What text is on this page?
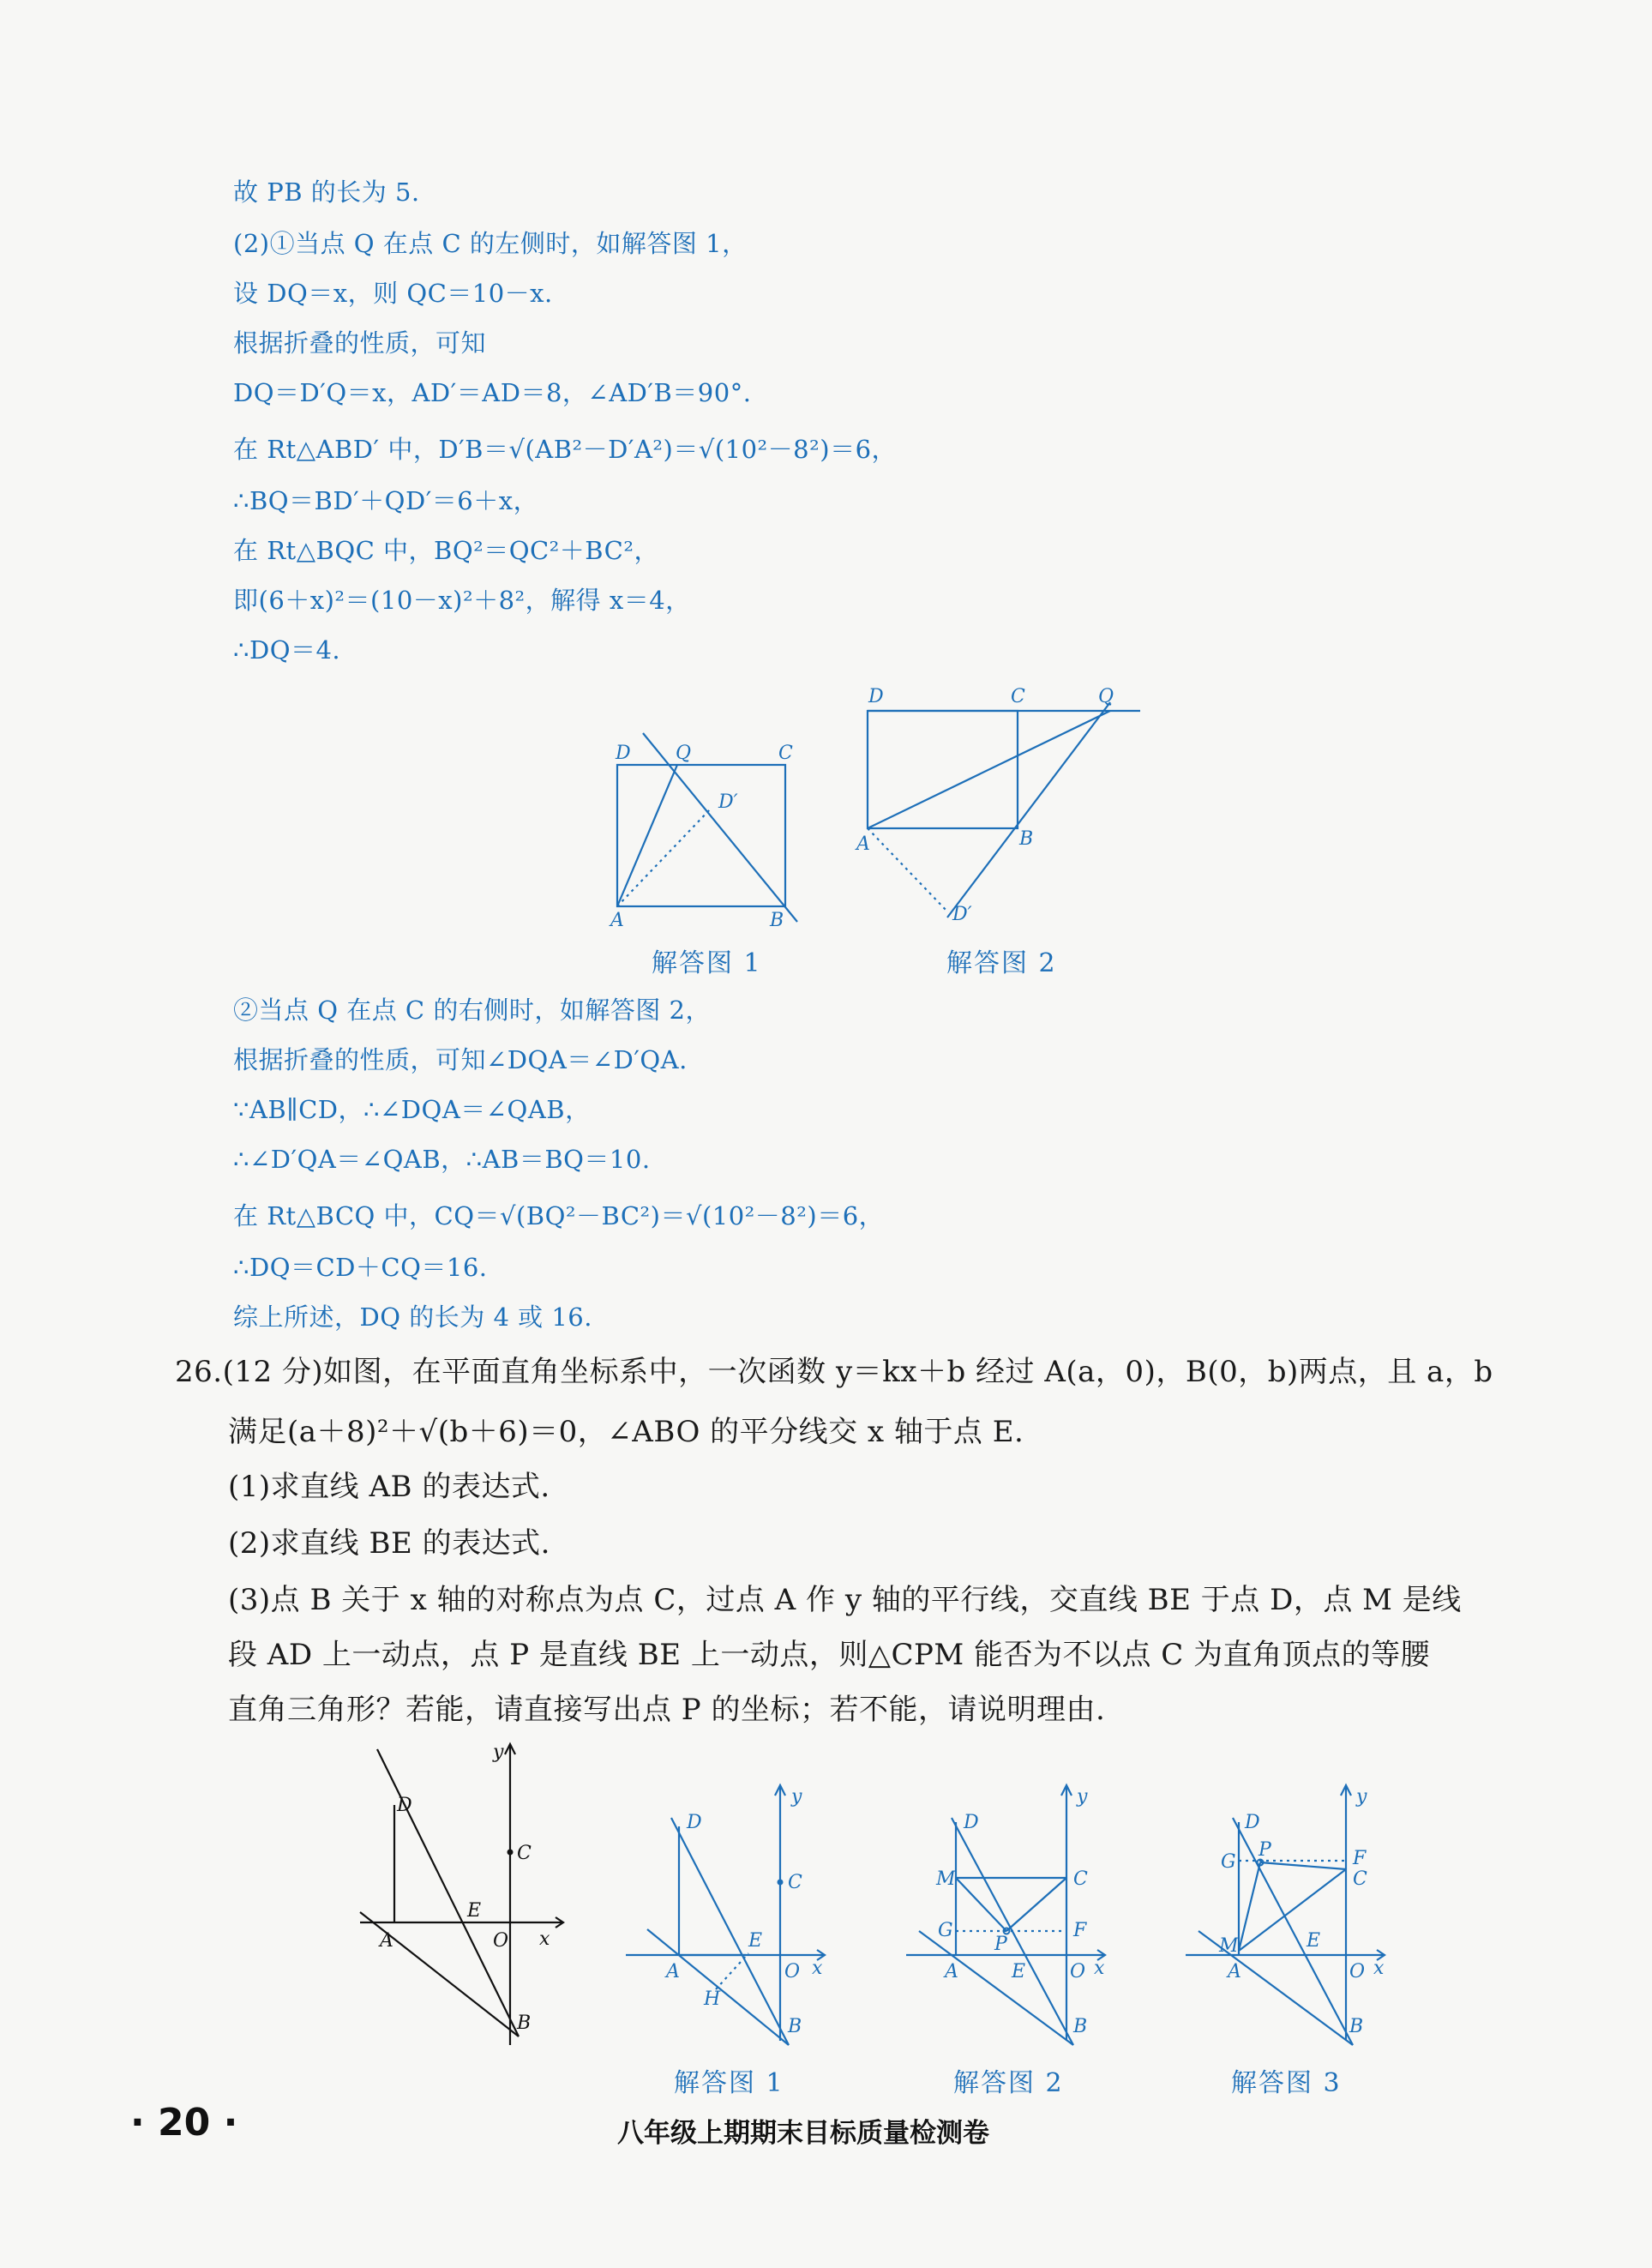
故 PB 的长为 5.
(2)①当点 Q 在点 C 的左侧时，如解答图 1，
设 DQ＝x，则 QC＝10－x.
根据折叠的性质，可知
DQ＝D′Q＝x，AD′＝AD＝8，∠AD′B＝90°.
在 Rt△ABD′ 中，D′B＝√(AB²－D′A²)＝√(10²－8²)＝6，
∴BQ＝BD′＋QD′＝6＋x，
在 Rt△BQC 中，BQ²＝QC²＋BC²，
即(6＋x)²＝(10－x)²＋8²，解得 x＝4，
∴DQ＝4.
D Q	C
D′
A	B
解答图 1
D	C	Q
A	B
D′
解答图 2
②当点 Q 在点 C 的右侧时，如解答图 2，
根据折叠的性质，可知∠DQA＝∠D′QA.
∵AB∥CD，∴∠DQA＝∠QAB，
∴∠D′QA＝∠QAB，∴AB＝BQ＝10.
在 Rt△BCQ 中，CQ＝√(BQ²－BC²)＝√(10²－8²)＝6，
∴DQ＝CD＋CQ＝16.
综上所述，DQ 的长为 4 或 16.
26.(12 分)如图，在平面直角坐标系中，一次函数 y＝kx＋b 经过 A(a，0)，B(0，b)两点，且 a，b
满足(a＋8)²＋√(b＋6)＝0，∠ABO 的平分线交 x 轴于点 E.
(1)求直线 AB 的表达式.
(2)求直线 BE 的表达式.
(3)点 B 关于 x 轴的对称点为点 C，过点 A 作 y 轴的平行线，交直线 BE 于点 D，点 M 是线
段 AD 上一动点，点 P 是直线 BE 上一动点，则△CPM 能否为不以点 C 为直角顶点的等腰
直角三角形？若能，请直接写出点 P 的坐标；若不能，请说明理由.
D
C
E
A	O x
y
B
D
C
E
A	O x
y
H
B
解答图 1
D
M	C
G	F
P
E
A	O x
y
B
解答图 2
D
G
P	F
C
M	E
A	O x
y
B
解答图 3
· 20 ·	八年级上期期末目标质量检测卷
